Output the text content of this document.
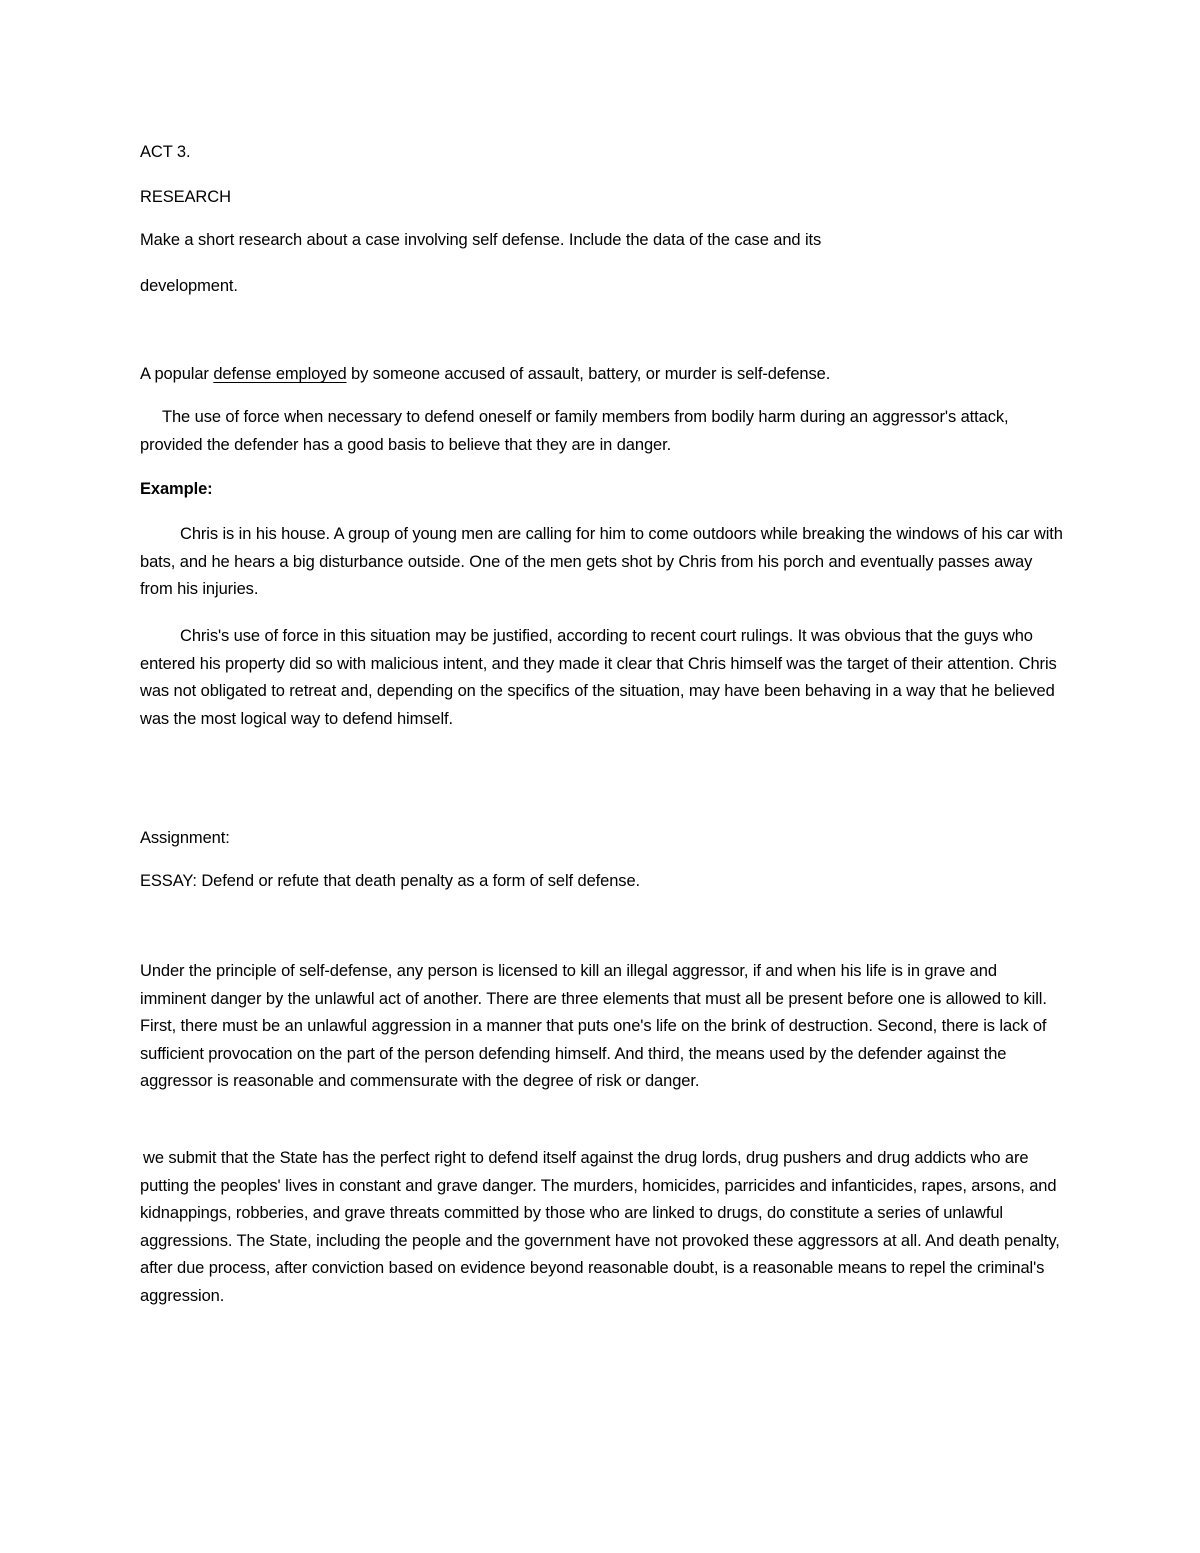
ACT 3.

RESEARCH

Make a short research about a case involving self defense. Include the data of the case and its

development.

A popular defense employed by someone accused of assault, battery, or murder is self-defense.

The use of force when necessary to defend oneself or family members from bodily harm during an aggressor's attack, provided the defender has a good basis to believe that they are in danger.

Example:

Chris is in his house. A group of young men are calling for him to come outdoors while breaking the windows of his car with bats, and he hears a big disturbance outside. One of the men gets shot by Chris from his porch and eventually passes away from his injuries.

Chris's use of force in this situation may be justified, according to recent court rulings. It was obvious that the guys who entered his property did so with malicious intent, and they made it clear that Chris himself was the target of their attention. Chris was not obligated to retreat and, depending on the specifics of the situation, may have been behaving in a way that he believed was the most logical way to defend himself.

Assignment:

ESSAY: Defend or refute that death penalty as a form of self defense.

Under the principle of self-defense, any person is licensed to kill an illegal aggressor, if and when his life is in grave and imminent danger by the unlawful act of another. There are three elements that must all be present before one is allowed to kill. First, there must be an unlawful aggression in a manner that puts one's life on the brink of destruction. Second, there is lack of sufficient provocation on the part of the person defending himself. And third, the means used by the defender against the aggressor is reasonable and commensurate with the degree of risk or danger.

we submit that the State has the perfect right to defend itself against the drug lords, drug pushers and drug addicts who are putting the peoples' lives in constant and grave danger. The murders, homicides, parricides and infanticides, rapes, arsons, and kidnappings, robberies, and grave threats committed by those who are linked to drugs, do constitute a series of unlawful aggressions. The State, including the people and the government have not provoked these aggressors at all. And death penalty, after due process, after conviction based on evidence beyond reasonable doubt, is a reasonable means to repel the criminal's aggression.
